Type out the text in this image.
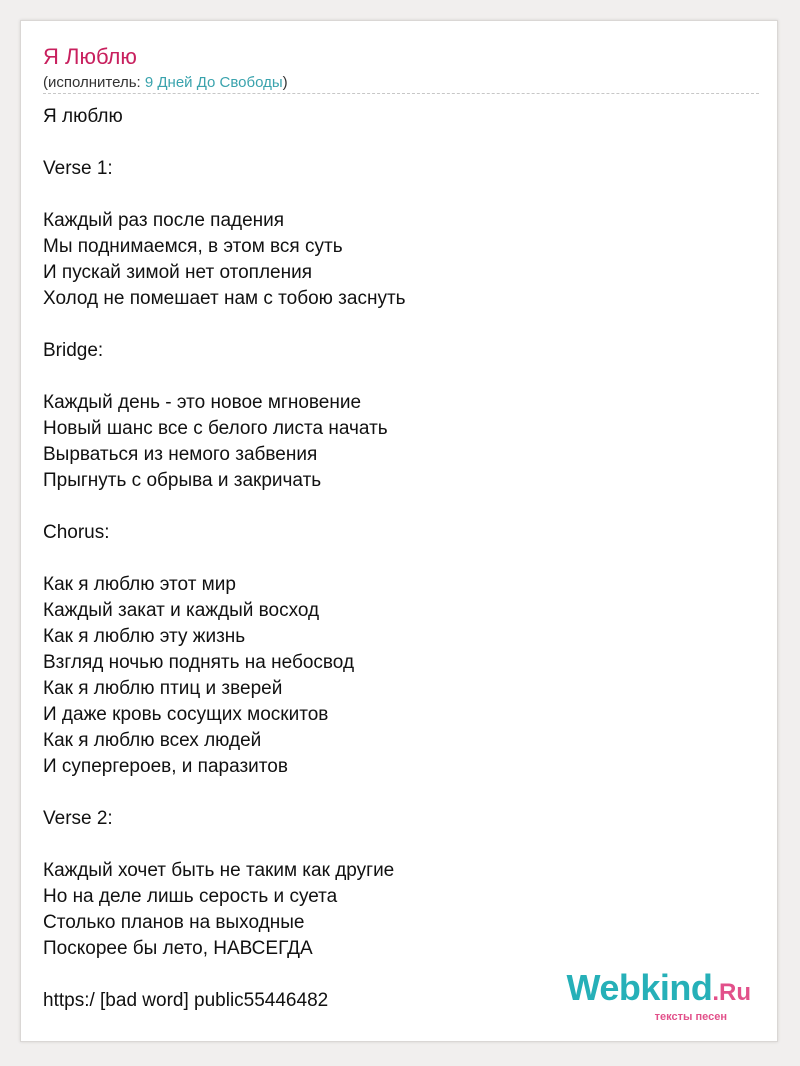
Я Люблю
(исполнитель: 9 Дней До Свободы)
Я люблю
Verse 1:
Каждый раз после падения
Мы поднимаемся, в этом вся суть
И пускай зимой нет отопления
Холод не помешает нам с тобою заснуть
Bridge:
Каждый день - это новое мгновение
Новый шанс все с белого листа начать
Вырваться из немого забвения
Прыгнуть с обрыва и закричать
Chorus:
Как я люблю этот мир
Каждый закат и каждый восход
Как я люблю эту жизнь
Взгляд ночью поднять на небосвод
Как я люблю птиц и зверей
И даже кровь сосущих москитов
Как я люблю всех людей
И супергероев, и паразитов
Verse 2:
Каждый хочет быть не таким как другие
Но на деле лишь серость и суета
Столько планов на выходные
Поскорее бы лето, НАВСЕГДА
https:/ [bad word] public55446482	Webkind.Ru
тексты песен
